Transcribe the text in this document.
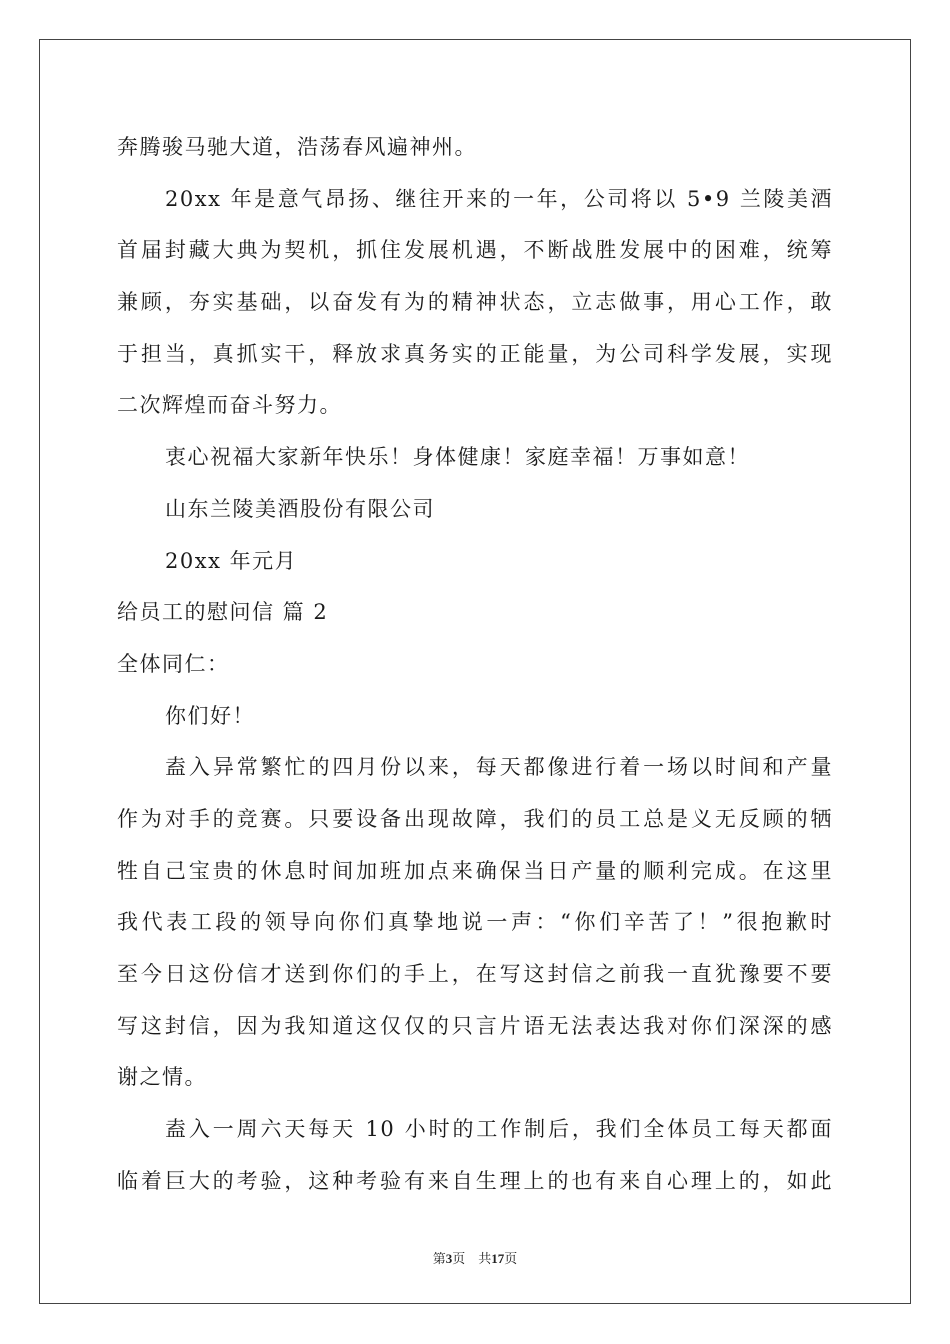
奔腾骏马驰大道，浩荡春风遍神州。
20xx 年是意气昂扬、继往开来的一年，公司将以 5•9 兰陵美酒
首届封藏大典为契机，抓住发展机遇，不断战胜发展中的困难，统筹
兼顾，夯实基础，以奋发有为的精神状态，立志做事，用心工作，敢
于担当，真抓实干，释放求真务实的正能量，为公司科学发展，实现
二次辉煌而奋斗努力。
衷心祝福大家新年快乐！身体健康！家庭幸福！万事如意！
山东兰陵美酒股份有限公司
20xx 年元月
给员工的慰问信 篇 2
全体同仁：
你们好！
盍入异常繁忙的四月份以来，每天都像进行着一场以时间和产量
作为对手的竞赛。只要设备出现故障，我们的员工总是义无反顾的牺
牲自己宝贵的休息时间加班加点来确保当日产量的顺利完成。在这里
我代表工段的领导向你们真挚地说一声：“你们辛苦了！”很抱歉时
至今日这份信才送到你们的手上，在写这封信之前我一直犹豫要不要
写这封信，因为我知道这仅仅的只言片语无法表达我对你们深深的感
谢之情。
盍入一周六天每天 10 小时的工作制后，我们全体员工每天都面
临着巨大的考验，这种考验有来自生理上的也有来自心理上的，如此
第3页　共17页
